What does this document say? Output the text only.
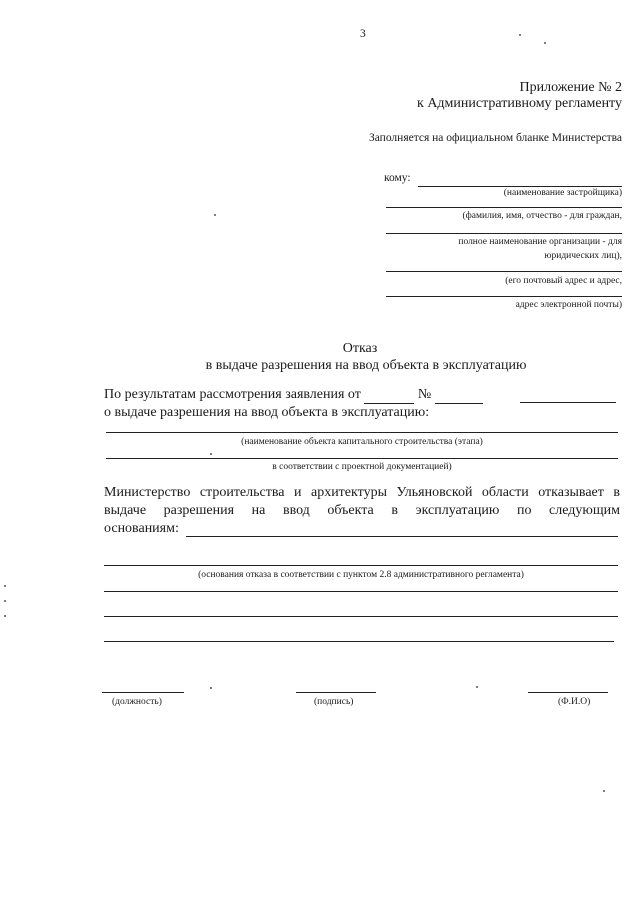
3
Приложение № 2
к Административному регламенту
Заполняется на официальном бланке Министерства
кому:
(наименование застройщика)
(фамилия, имя, отчество - для граждан,
полное наименование организации - для
юридических лиц),
(его почтовый адрес и адрес,
адрес электронной почты)
Отказ
в выдаче разрешения на ввод объекта в эксплуатацию
По результатам рассмотрения заявления от	№
о выдаче разрешения на ввод объекта в эксплуатацию:
(наименование объекта капитального строительства (этапа)
в соответствии с проектной документацией)
Министерство строительства и архитектуры Ульяновской области отказывает в
выдаче разрешения на ввод объекта в эксплуатацию по следующим
основаниям:
(основания отказа в соответствии с пунктом 2.8 административного регламента)
(должность)	(подпись)	(Ф.И.О)
